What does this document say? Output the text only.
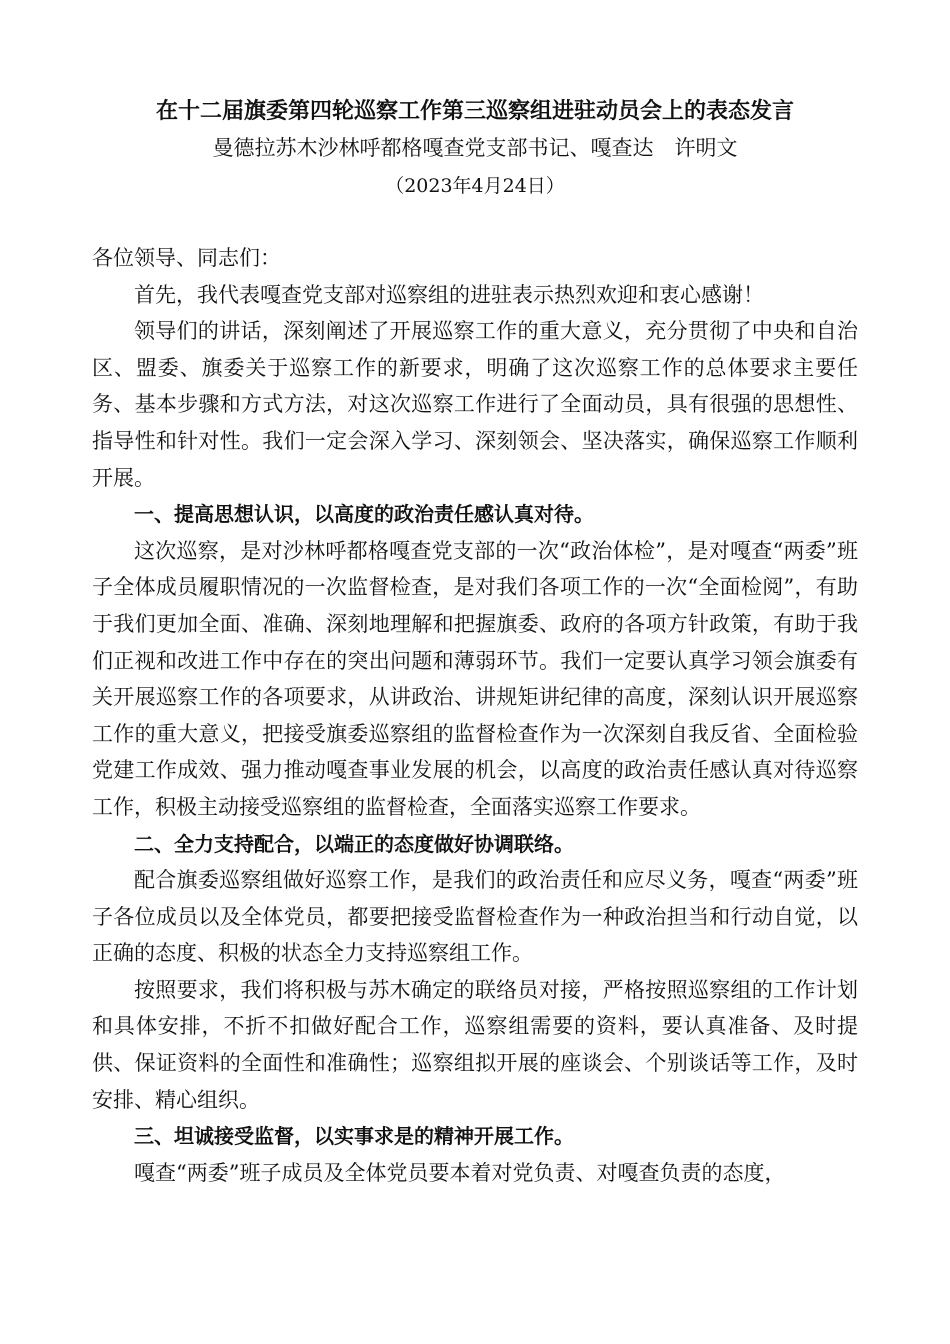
在十二届旗委第四轮巡察工作第三巡察组进驻动员会上的表态发言
曼德拉苏木沙林呼都格嘎查党支部书记、嘎查达　许明文
（2023年4月24日）

各位领导、同志们：

首先，我代表嘎查党支部对巡察组的进驻表示热烈欢迎和衷心感谢！

领导们的讲话，深刻阐述了开展巡察工作的重大意义，充分贯彻了中央和自治区、盟委、旗委关于巡察工作的新要求，明确了这次巡察工作的总体要求主要任务、基本步骤和方式方法，对这次巡察工作进行了全面动员，具有很强的思想性、指导性和针对性。我们一定会深入学习、深刻领会、坚决落实，确保巡察工作顺利开展。

一、提高思想认识，以高度的政治责任感认真对待。

这次巡察，是对沙林呼都格嘎查党支部的一次“政治体检”，是对嘎查“两委”班子全体成员履职情况的一次监督检查，是对我们各项工作的一次“全面检阅”，有助于我们更加全面、准确、深刻地理解和把握旗委、政府的各项方针政策，有助于我们正视和改进工作中存在的突出问题和薄弱环节。我们一定要认真学习领会旗委有关开展巡察工作的各项要求，从讲政治、讲规矩讲纪律的高度，深刻认识开展巡察工作的重大意义，把接受旗委巡察组的监督检查作为一次深刻自我反省、全面检验党建工作成效、强力推动嘎查事业发展的机会，以高度的政治责任感认真对待巡察工作，积极主动接受巡察组的监督检查，全面落实巡察工作要求。

二、全力支持配合，以端正的态度做好协调联络。

配合旗委巡察组做好巡察工作，是我们的政治责任和应尽义务，嘎查“两委”班子各位成员以及全体党员，都要把接受监督检查作为一种政治担当和行动自觉，以正确的态度、积极的状态全力支持巡察组工作。

按照要求，我们将积极与苏木确定的联络员对接，严格按照巡察组的工作计划和具体安排，不折不扣做好配合工作，巡察组需要的资料，要认真准备、及时提供、保证资料的全面性和准确性；巡察组拟开展的座谈会、个别谈话等工作，及时安排、精心组织。

三、坦诚接受监督，以实事求是的精神开展工作。

嘎查“两委”班子成员及全体党员要本着对党负责、对嘎查负责的态度，
